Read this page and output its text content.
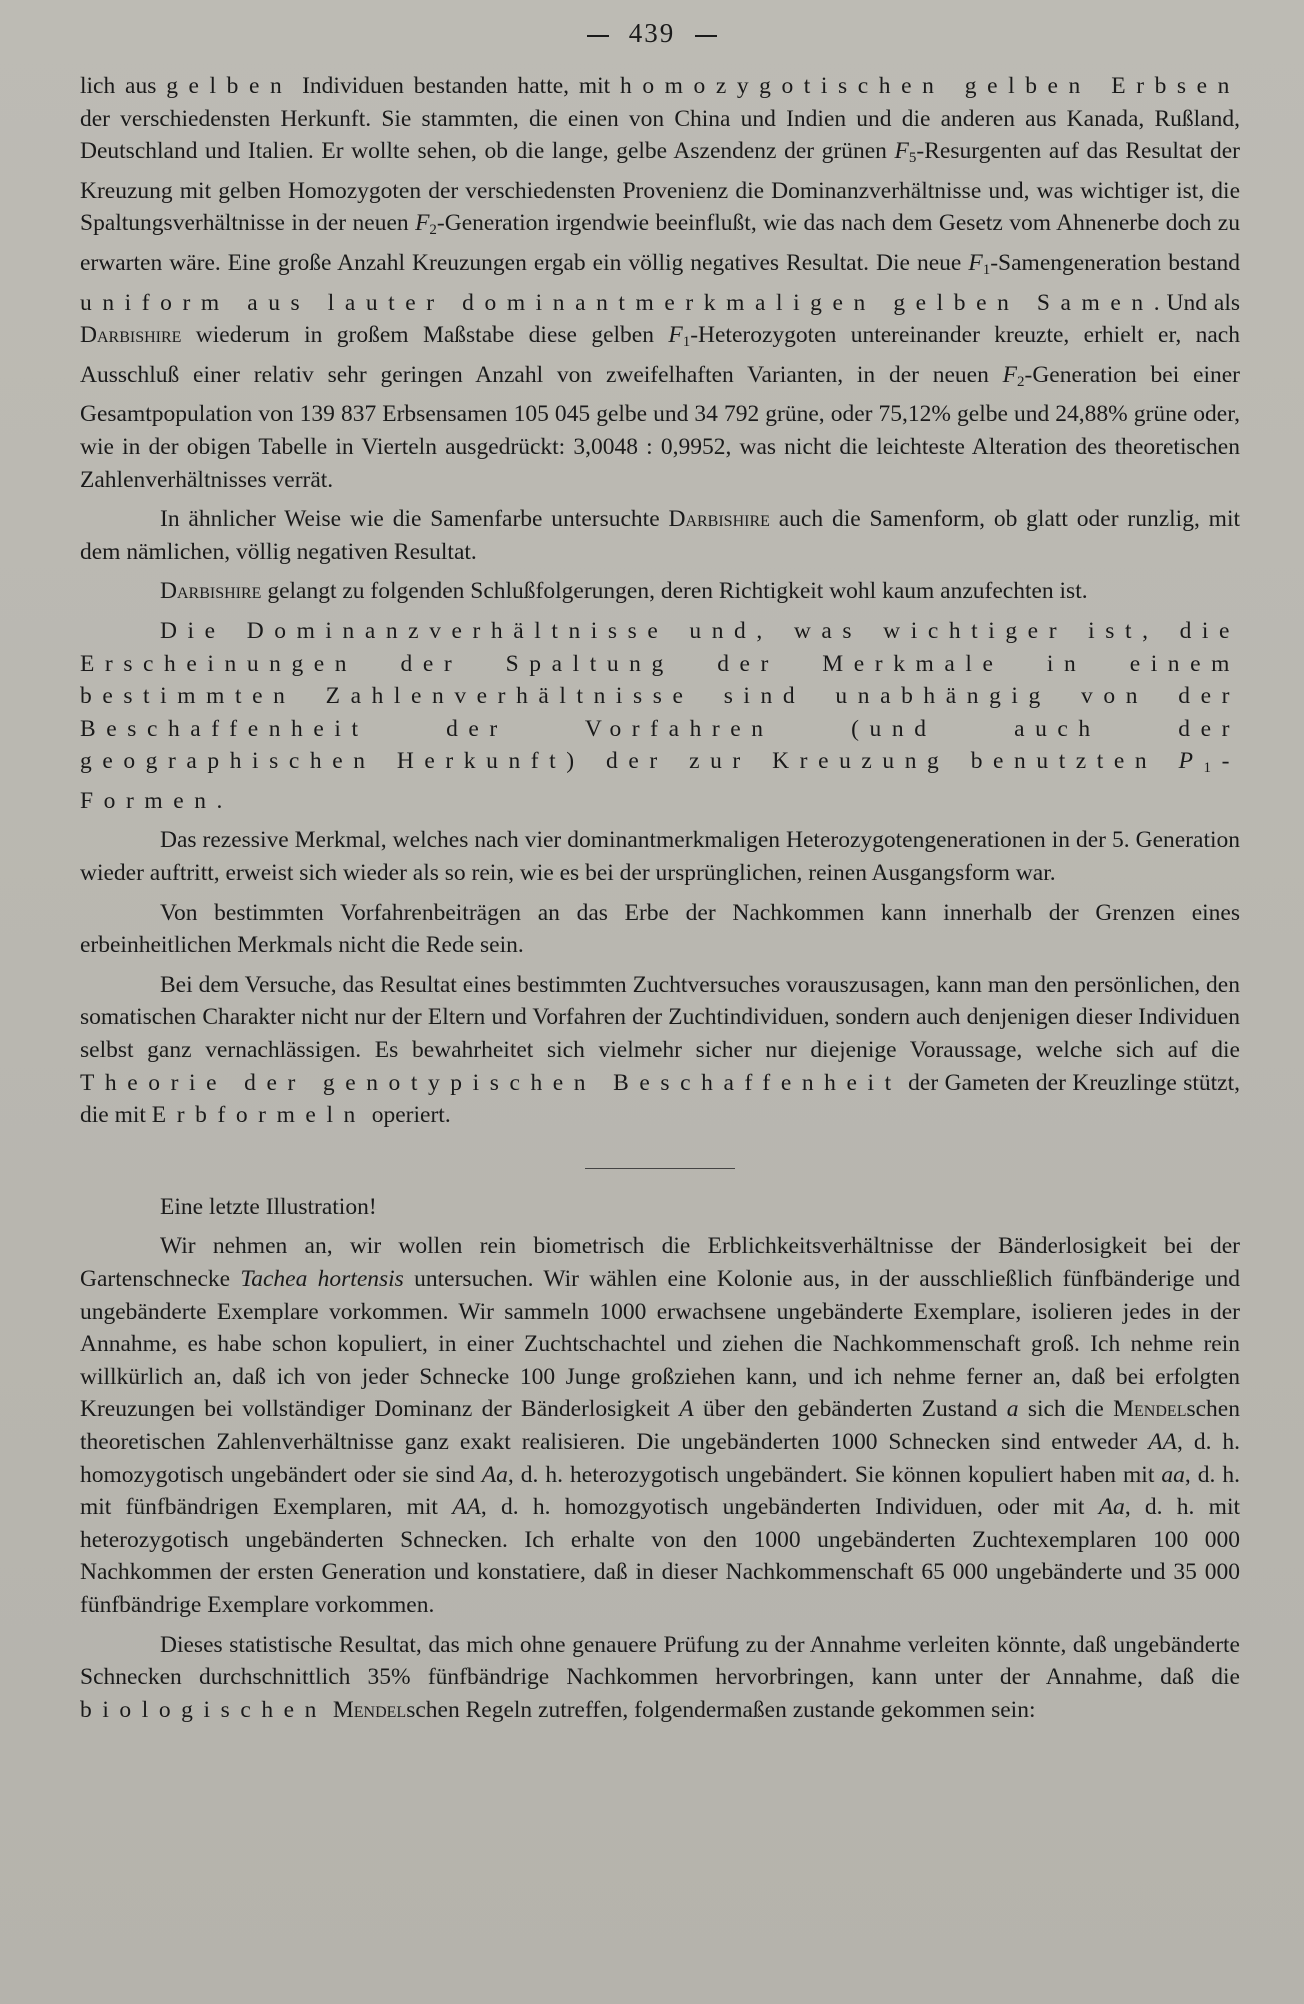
439

lich aus gelben Individuen bestanden hatte, mit homozygotischen gelben Erbsen der verschiedensten Herkunft. Sie stammten, die einen von China und Indien und die anderen aus Kanada, Rußland, Deutschland und Italien. Er wollte sehen, ob die lange, gelbe Aszendenz der grünen $F_5$-Resurgenten auf das Resultat der Kreuzung mit gelben Homozygoten der verschiedensten Provenienz die Dominanzverhältnisse und, was wichtiger ist, die Spaltungsverhältnisse in der neuen $F_2$-Generation irgendwie beeinflußt, wie das nach dem Gesetz vom Ahnenerbe doch zu erwarten wäre. Eine große Anzahl Kreuzungen ergab ein völlig negatives Resultat. Die neue $F_1$-Samengeneration bestand uniform aus lauter dominantmerkmaligen gelben Samen. Und als Darbishire wiederum in großem Maßstabe diese gelben $F_1$-Heterozygoten untereinander kreuzte, erhielt er, nach Ausschluß einer relativ sehr geringen Anzahl von zweifelhaften Varianten, in der neuen $F_2$-Generation bei einer Gesamtpopulation von 139 837 Erbsensamen 105 045 gelbe und 34 792 grüne, oder 75,12% gelbe und 24,88% grüne oder, wie in der obigen Tabelle in Vierteln ausgedrückt: 3,0048 : 0,9952, was nicht die leichteste Alteration des theoretischen Zahlenverhältnisses verrät.

In ähnlicher Weise wie die Samenfarbe untersuchte Darbishire auch die Samenform, ob glatt oder runzlig, mit dem nämlichen, völlig negativen Resultat.

Darbishire gelangt zu folgenden Schlußfolgerungen, deren Richtigkeit wohl kaum anzufechten ist.

Die Dominanzverhältnisse und, was wichtiger ist, die Erscheinungen der Spaltung der Merkmale in einem bestimmten Zahlenverhältnisse sind unabhängig von der Beschaffenheit der Vorfahren (und auch der geographischen Herkunft) der zur Kreuzung benutzten $P_1$-Formen.

Das rezessive Merkmal, welches nach vier dominantmerkmaligen Heterozygotengenerationen in der 5. Generation wieder auftritt, erweist sich wieder als so rein, wie es bei der ursprünglichen, reinen Ausgangsform war.

Von bestimmten Vorfahrenbeiträgen an das Erbe der Nachkommen kann innerhalb der Grenzen eines erbeinheitlichen Merkmals nicht die Rede sein.

Bei dem Versuche, das Resultat eines bestimmten Zuchtversuches vorauszusagen, kann man den persönlichen, den somatischen Charakter nicht nur der Eltern und Vorfahren der Zuchtindividuen, sondern auch denjenigen dieser Individuen selbst ganz vernachlässigen. Es bewahrheitet sich vielmehr sicher nur diejenige Voraussage, welche sich auf die Theorie der genotypischen Beschaffenheit der Gameten der Kreuzlinge stützt, die mit Erbformeln operiert.

Eine letzte Illustration!

Wir nehmen an, wir wollen rein biometrisch die Erblichkeitsverhältnisse der Bänderlosigkeit bei der Gartenschnecke Tachea hortensis untersuchen. Wir wählen eine Kolonie aus, in der ausschließlich fünfbänderige und ungebänderte Exemplare vorkommen. Wir sammeln 1000 erwachsene ungebänderte Exemplare, isolieren jedes in der Annahme, es habe schon kopuliert, in einer Zuchtschachtel und ziehen die Nachkommenschaft groß. Ich nehme rein willkürlich an, daß ich von jeder Schnecke 100 Junge großziehen kann, und ich nehme ferner an, daß bei erfolgten Kreuzungen bei vollständiger Dominanz der Bänderlosigkeit A über den gebänderten Zustand a sich die Mendelschen theoretischen Zahlenverhältnisse ganz exakt realisieren. Die ungebänderten 1000 Schnecken sind entweder AA, d. h. homozygotisch ungebändert oder sie sind Aa, d. h. heterozygotisch ungebändert. Sie können kopuliert haben mit aa, d. h. mit fünfbändrigen Exemplaren, mit AA, d. h. homozgyotisch ungebänderten Individuen, oder mit Aa, d. h. mit heterozygotisch ungebänderten Schnecken. Ich erhalte von den 1000 ungebänderten Zuchtexemplaren 100 000 Nachkommen der ersten Generation und konstatiere, daß in dieser Nachkommenschaft 65 000 ungebänderte und 35 000 fünfbändrige Exemplare vorkommen.

Dieses statistische Resultat, das mich ohne genauere Prüfung zu der Annahme verleiten könnte, daß ungebänderte Schnecken durchschnittlich 35% fünfbändrige Nachkommen hervorbringen, kann unter der Annahme, daß die biologischen Mendelschen Regeln zutreffen, folgendermaßen zustande gekommen sein:
